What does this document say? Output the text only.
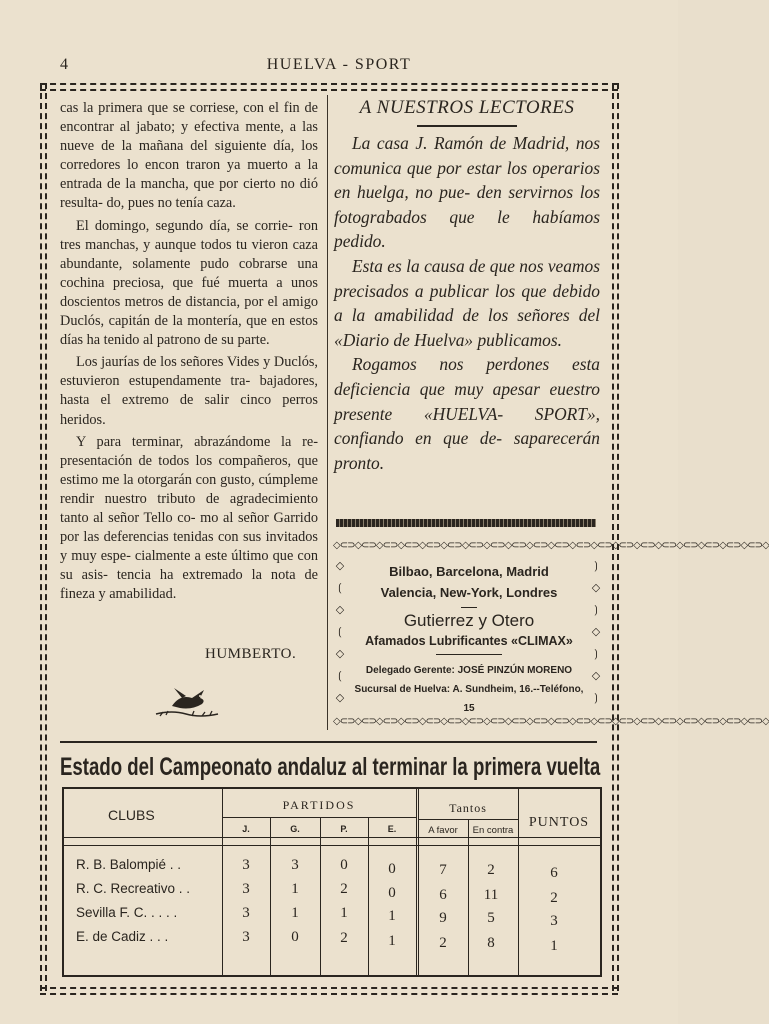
4	HUELVA - SPORT

cas la primera que se corriese, con el fin de encontrar al jabato; y efectiva mente, a las nueve de la mañana del siguiente día, los corredores lo encon traron ya muerto a la entrada de la mancha, que por cierto no dió resulta- do, pues no tenía caza.

El domingo, segundo día, se corrie- ron tres manchas, y aunque todos tu vieron caza abundante, solamente pudo cobrarse una cochina preciosa, que fué muerta a unos doscientos metros de distancia, por el amigo Duclós, capitán de la montería, que en estos días ha tenido al patrono de su parte.

Los jaurías de los señores Vides y Duclós, estuvieron estupendamente tra- bajadores, hasta el extremo de salir cinco perros heridos.

Y para terminar, abrazándome la re- presentación de todos los compañeros, que estimo me la otorgarán con gusto, cúmpleme rendir nuestro tributo de agradecimiento tanto al señor Tello co- mo al señor Garrido por las deferencias tenidas con sus invitados y muy espe- cialmente a este último que con su asis- tencia ha extremado la nota de fineza y amabilidad.

HUMBERTO.
A NUESTROS LECTORES

La casa J. Ramón de Madrid, nos comunica que por estar los operarios en huelga, no pue- den servirnos los fotograbados que le habíamos pedido.

Esta es la causa de que nos veamos precisados a publicar los que debido a la amabilidad de los señores del «Diario de Huelva» publicamos.

Rogamos nos perdones esta deficiencia que muy apesar euestro presente «HUELVA- SPORT», confiando en que de- saparecerán pronto.

◇⊂⊃◇⊂⊃◇⊂⊃◇⊂⊃◇⊂⊃◇⊂⊃◇⊂⊃◇⊂⊃◇⊂⊃◇⊂⊃◇⊂⊃◇⊂⊃◇⊂⊃◇⊂⊃◇⊂⊃◇⊂⊃◇⊂⊃◇⊂⊃◇⊂⊃◇⊂⊃◇
◇⊂⊃◇⊂⊃◇⊂⊃◇⊂⊃◇⊂⊃◇⊂⊃◇⊂⊃◇⊂⊃◇⊂⊃◇⊂⊃◇⊂⊃◇⊂⊃◇⊂⊃◇⊂⊃◇⊂⊃◇⊂⊃◇⊂⊃◇⊂⊃◇⊂⊃◇⊂⊃◇
◇
⟮
◇
⟮
◇
⟮
◇
⟯
◇
⟯
◇
⟯
◇
⟯
Bilbao, Barcelona, Madrid
Valencia, New-York, Londres
Gutierrez y Otero
Afamados Lubrificantes «CLIMAX»
Delegado Gerente: JOSÉ PINZÚN MORENO
Sucursal de Huelva: A. Sundheim, 16.--Teléfono, 15
Estado del Campeonato andaluz al terminar la primera vuelta
CLUBS
PARTIDOS
J.	G.	P.	E.
Tantos
A favor	En contra
PUNTOS
R. B. Balompié . .	3	3	0	0	7	2	6
R. C. Recreativo . .	3	1	2	0	6	11	2
Sevilla F. C. . . . .	3	1	1	1	9	5	3
E. de Cadiz . . .	3	0	2	1	2	8	1
